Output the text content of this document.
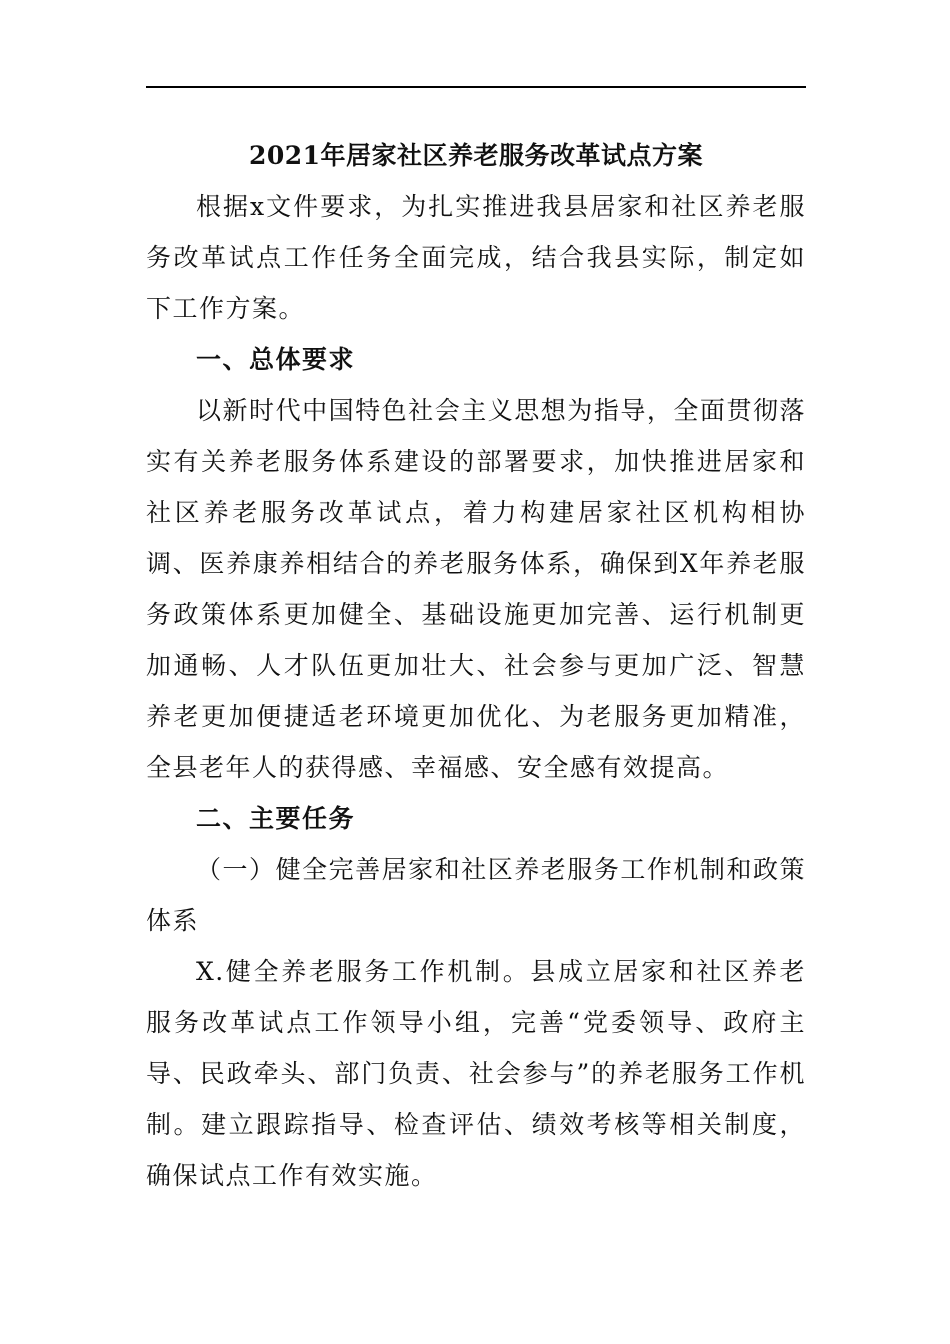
2021年居家社区养老服务改革试点方案

根据x文件要求，为扎实推进我县居家和社区养老服务改革试点工作任务全面完成，结合我县实际，制定如下工作方案。

一、总体要求

以新时代中国特色社会主义思想为指导，全面贯彻落实有关养老服务体系建设的部署要求，加快推进居家和社区养老服务改革试点，着力构建居家社区机构相协调、医养康养相结合的养老服务体系，确保到X年养老服务政策体系更加健全、基础设施更加完善、运行机制更加通畅、人才队伍更加壮大、社会参与更加广泛、智慧养老更加便捷适老环境更加优化、为老服务更加精准，全县老年人的获得感、幸福感、安全感有效提高。

二、主要任务

（一）健全完善居家和社区养老服务工作机制和政策体系

X.健全养老服务工作机制。县成立居家和社区养老服务改革试点工作领导小组，完善“党委领导、政府主导、民政牵头、部门负责、社会参与”的养老服务工作机制。建立跟踪指导、检查评估、绩效考核等相关制度，确保试点工作有效实施。
